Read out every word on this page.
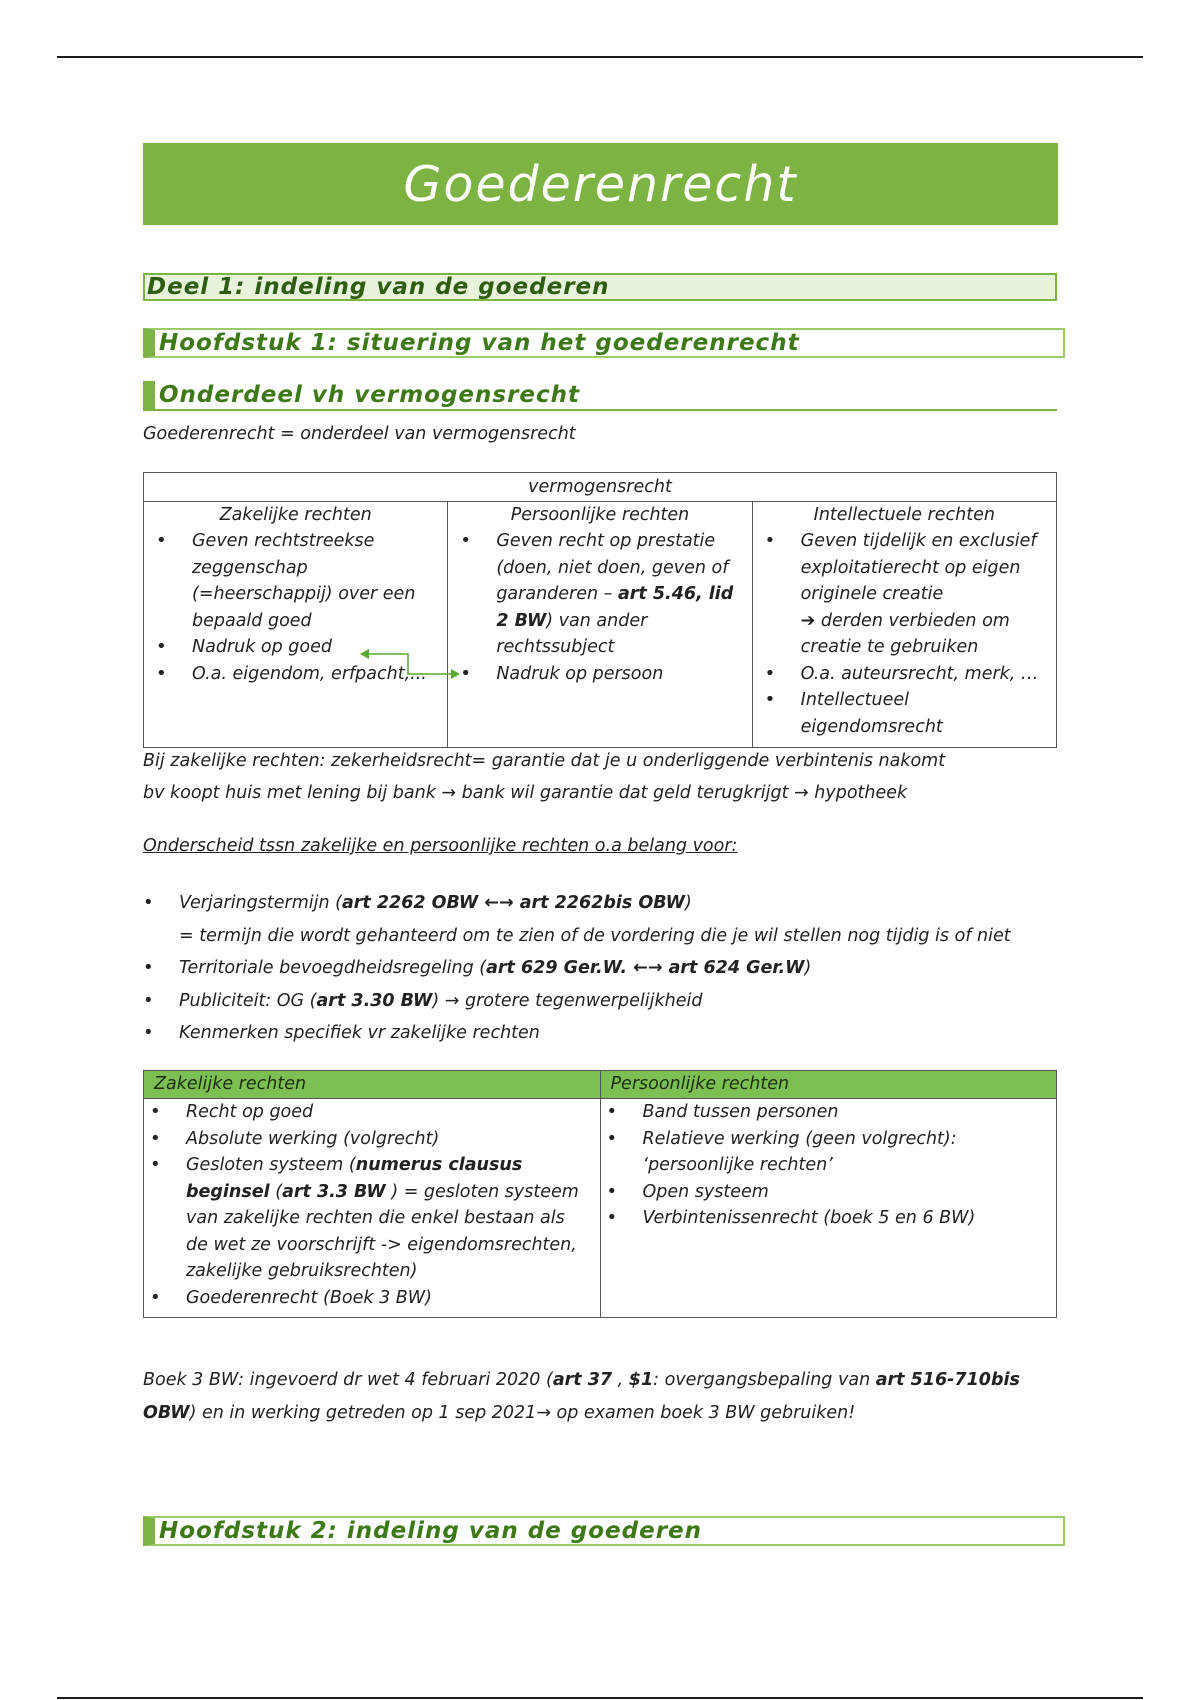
Goederenrecht
Deel 1: indeling van de goederen
Hoofdstuk 1: situering van het goederenrecht
Onderdeel vh vermogensrecht
Goederenrecht = onderdeel van vermogensrecht
vermogensrecht
Zakelijke rechten
• Geven rechtstreekse zeggenschap (=heerschappij) over een bepaald goed
• Nadruk op goed
• O.a. eigendom, erfpacht,...
Persoonlijke rechten
• Geven recht op prestatie (doen, niet doen, geven of garanderen – art 5.46, lid 2 BW) van ander rechtssubject
• Nadruk op persoon
Intellectuele rechten
• Geven tijdelijk en exclusief exploitatierecht op eigen originele creatie
➔ derden verbieden om creatie te gebruiken
• O.a. auteursrecht, merk, …
• Intellectueel eigendomsrecht
Bij zakelijke rechten: zekerheidsrecht= garantie dat je u onderliggende verbintenis nakomt
bv koopt huis met lening bij bank → bank wil garantie dat geld terugkrijgt → hypotheek
Onderscheid tssn zakelijke en persoonlijke rechten o.a belang voor:
• Verjaringstermijn (art 2262 OBW ←→ art 2262bis OBW)
= termijn die wordt gehanteerd om te zien of de vordering die je wil stellen nog tijdig is of niet
• Territoriale bevoegdheidsregeling (art 629 Ger.W. ←→ art 624 Ger.W)
• Publiciteit: OG (art 3.30 BW) → grotere tegenwerpelijkheid
• Kenmerken specifiek vr zakelijke rechten
Zakelijke rechten
• Recht op goed
• Absolute werking (volgrecht)
• Gesloten systeem (numerus clausus beginsel (art 3.3 BW ) = gesloten systeem van zakelijke rechten die enkel bestaan als de wet ze voorschrijft -> eigendomsrechten, zakelijke gebruiksrechten)
• Goederenrecht (Boek 3 BW)
Persoonlijke rechten
• Band tussen personen
• Relatieve werking (geen volgrecht): ‘persoonlijke rechten’
• Open systeem
• Verbintenissenrecht (boek 5 en 6 BW)
Boek 3 BW: ingevoerd dr wet 4 februari 2020 (art 37 , $1: overgangsbepaling van art 516-710bis
OBW) en in werking getreden op 1 sep 2021→ op examen boek 3 BW gebruiken!
Hoofdstuk 2: indeling van de goederen
